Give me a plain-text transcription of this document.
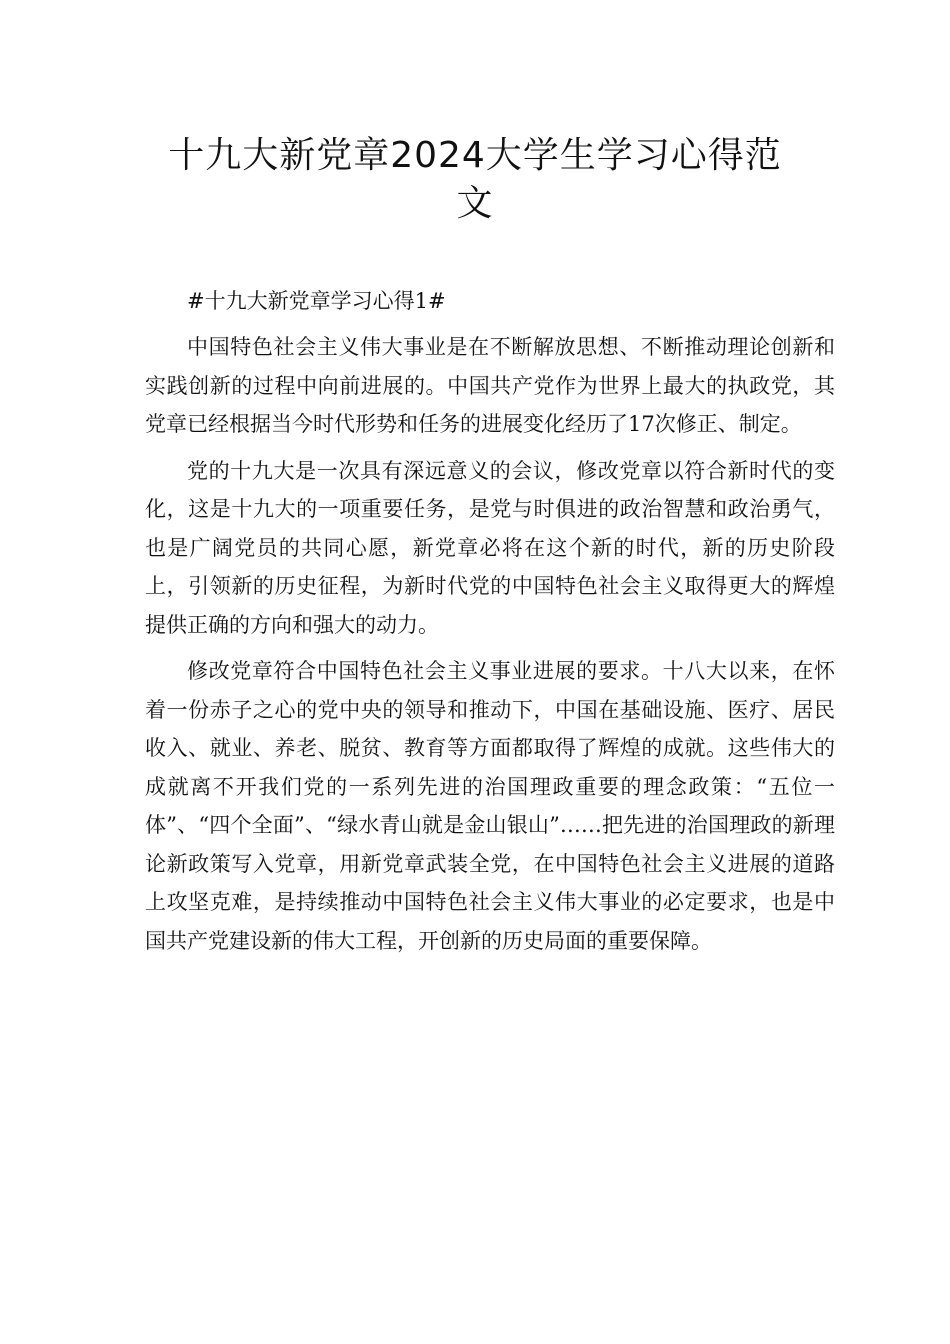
十九大新党章2024大学生学习心得范
文

#十九大新党章学习心得1#

中国特色社会主义伟大事业是在不断解放思想、不断推动理论创新和实践创新的过程中向前进展的。中国共产党作为世界上最大的执政党，其党章已经根据当今时代形势和任务的进展变化经历了17次修正、制定。

党的十九大是一次具有深远意义的会议，修改党章以符合新时代的变化，这是十九大的一项重要任务，是党与时俱进的政治智慧和政治勇气，也是广阔党员的共同心愿，新党章必将在这个新的时代，新的历史阶段上，引领新的历史征程，为新时代党的中国特色社会主义取得更大的辉煌提供正确的方向和强大的动力。

修改党章符合中国特色社会主义事业进展的要求。十八大以来，在怀着一份赤子之心的党中央的领导和推动下，中国在基础设施、医疗、居民收入、就业、养老、脱贫、教育等方面都取得了辉煌的成就。这些伟大的成就离不开我们党的一系列先进的治国理政重要的理念政策：“五位一体”、“四个全面”、“绿水青山就是金山银山”……把先进的治国理政的新理论新政策写入党章，用新党章武装全党，在中国特色社会主义进展的道路上攻坚克难，是持续推动中国特色社会主义伟大事业的必定要求，也是中国共产党建设新的伟大工程，开创新的历史局面的重要保障。
